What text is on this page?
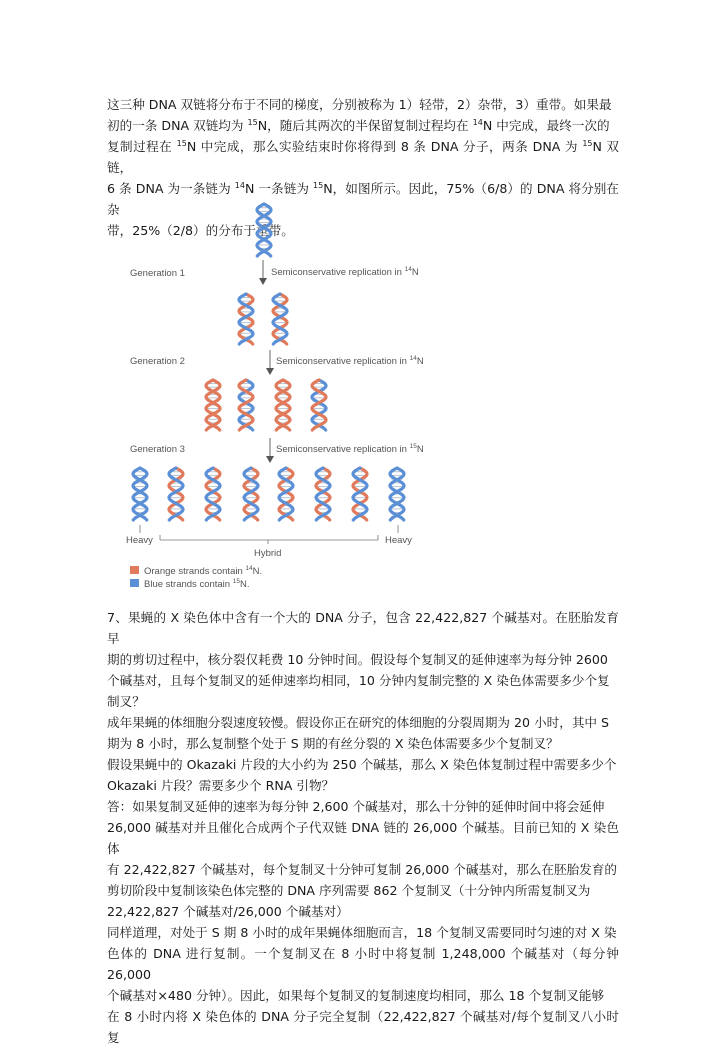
这三种 DNA 双链将分布于不同的梯度，分别被称为 1）轻带，2）杂带，3）重带。如果最

初的一条 DNA 双链均为 $^{15}$N，随后其两次的半保留复制过程均在 $^{14}$N 中完成，最终一次的

复制过程在 $^{15}$N 中完成，那么实验结束时你将得到 8 条 DNA 分子，两条 DNA 为 $^{15}$N 双链，

6 条 DNA 为一条链为 $^{14}$N 一条链为 $^{15}$N，如图所示。因此，75%（6/8）的 DNA 将分别在杂

带，25%（2/8）的分布于重带。

Generation 1
Generation 2
Generation 3
Semiconservative replication in $^{14}$N
Semiconservative replication in $^{14}$N
Semiconservative replication in $^{15}$N
Heavy	Heavy
Hybrid
Orange strands contain $^{14}$N.
Blue strands contain $^{15}$N.

7、果蝇的 X 染色体中含有一个大的 DNA 分子，包含 22,422,827 个碱基对。在胚胎发育早

期的剪切过程中，核分裂仅耗费 10 分钟时间。假设每个复制叉的延伸速率为每分钟 2600

个碱基对，且每个复制叉的延伸速率均相同，10 分钟内复制完整的 X 染色体需要多少个复

制叉？

成年果蝇的体细胞分裂速度较慢。假设你正在研究的体细胞的分裂周期为 20 小时，其中 S

期为 8 小时，那么复制整个处于 S 期的有丝分裂的 X 染色体需要多少个复制叉？

假设果蝇中的 Okazaki 片段的大小约为 250 个碱基，那么 X 染色体复制过程中需要多少个

Okazaki 片段？需要多少个 RNA 引物？

答：如果复制叉延伸的速率为每分钟 2,600 个碱基对，那么十分钟的延伸时间中将会延伸

26,000 碱基对并且催化合成两个子代双链 DNA 链的 26,000 个碱基。目前已知的 X 染色体

有 22,422,827 个碱基对，每个复制叉十分钟可复制 26,000 个碱基对，那么在胚胎发育的

剪切阶段中复制该染色体完整的 DNA 序列需要 862 个复制叉（十分钟内所需复制叉为

22,422,827 个碱基对/26,000 个碱基对）

同样道理，对处于 S 期 8 小时的成年果蝇体细胞而言，18 个复制叉需要同时匀速的对 X 染

色体的 DNA 进行复制。一个复制叉在 8 小时中将复制 1,248,000 个碱基对（每分钟 26,000

个碱基对×480 分钟）。因此，如果每个复制叉的复制速度均相同，那么 18 个复制叉能够

在 8 小时内将 X 染色体的 DNA 分子完全复制（22,422,827 个碱基对/每个复制叉八小时复
